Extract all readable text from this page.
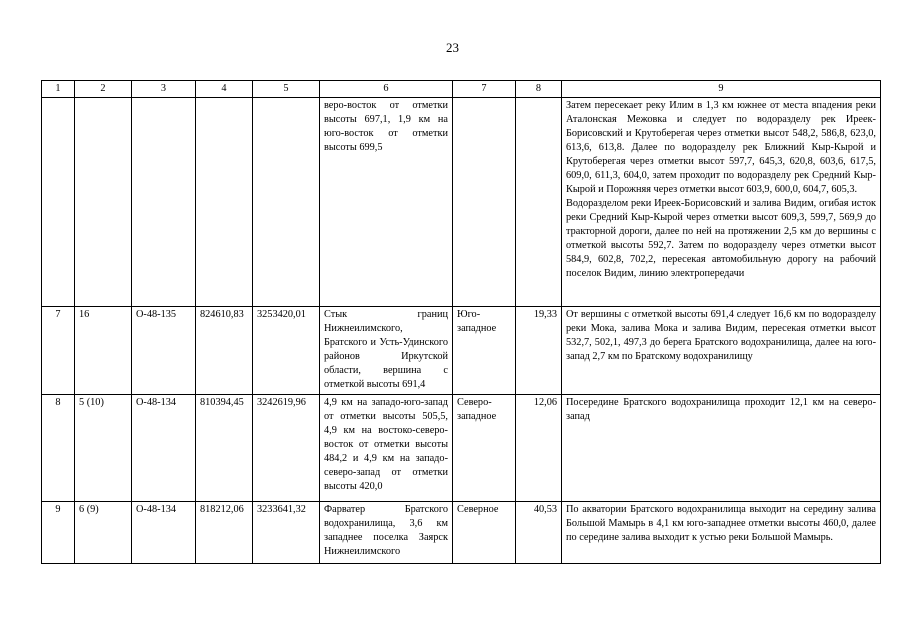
23
1	2	3	4	5	6	7	8	9
					веро-восток от отметки высоты 697,1, 1,9 км на юго-восток от отметки высоты 699,5			Затем пересекает реку Илим в 1,3 км южнее от места впадения реки Аталонская Межовка и следует по водоразделу рек Иреек-Борисовский и Крутоберегая через отметки высот 548,2, 586,8, 623,0, 613,6, 613,8. Далее по водоразделу рек Ближний Кыр-Кырой и Крутоберегая через отметки высот 597,7, 645,3, 620,8, 603,6, 617,5, 609,0, 611,3, 604,0, затем проходит по водоразделу рек Средний Кыр-Кырой и Порожняя через отметки высот 603,9, 600,0, 604,7, 605,3.
Водоразделом реки Иреек-Борисовский и залива Видим, огибая исток реки Средний Кыр-Кырой через отметки высот 609,3, 599,7, 569,9 до тракторной дороги, далее по ней на протяжении 2,5 км до вершины с отметкой высоты 592,7. Затем по водоразделу через отметки высот 584,9, 602,8, 702,2, пересекая автомобильную дорогу на рабочий поселок Видим, линию электропередачи

7	16	О-48-135	824610,83	3253420,01	Стык границ Нижнеилимского, Братского и Усть-Удинского районов Иркутской области, вершина с отметкой высоты 691,4	Юго-западное	19,33	От вершины с отметкой высоты 691,4 следует 16,6 км по водоразделу реки Мока, залива Мока и залива Видим, пересекая отметки высот 532,7, 502,1, 497,3 до берега Братского водохранилища, далее на юго-запад 2,7 км по Братскому водохранилищу

8	5 (10)	О-48-134	810394,45	3242619,96	4,9 км на западо-юго-запад от отметки высоты 505,5, 4,9 км на востоко-северо-восток от отметки высоты 484,2 и 4,9 км на западо-северо-запад от отметки высоты 420,0	Северо-западное	12,06	Посередине Братского водохранилища проходит 12,1 км на северо-запад

9	6 (9)	О-48-134	818212,06	3233641,32	Фарватер Братского водохранилища, 3,6 км западнее поселка Заярск Нижнеилимского	Северное	40,53	По акватории Братского водохранилища выходит на середину залива Большой Мамырь в 4,1 км юго-западнее отметки высоты 460,0, далее по середине залива выходит к устью реки Большой Мамырь.
